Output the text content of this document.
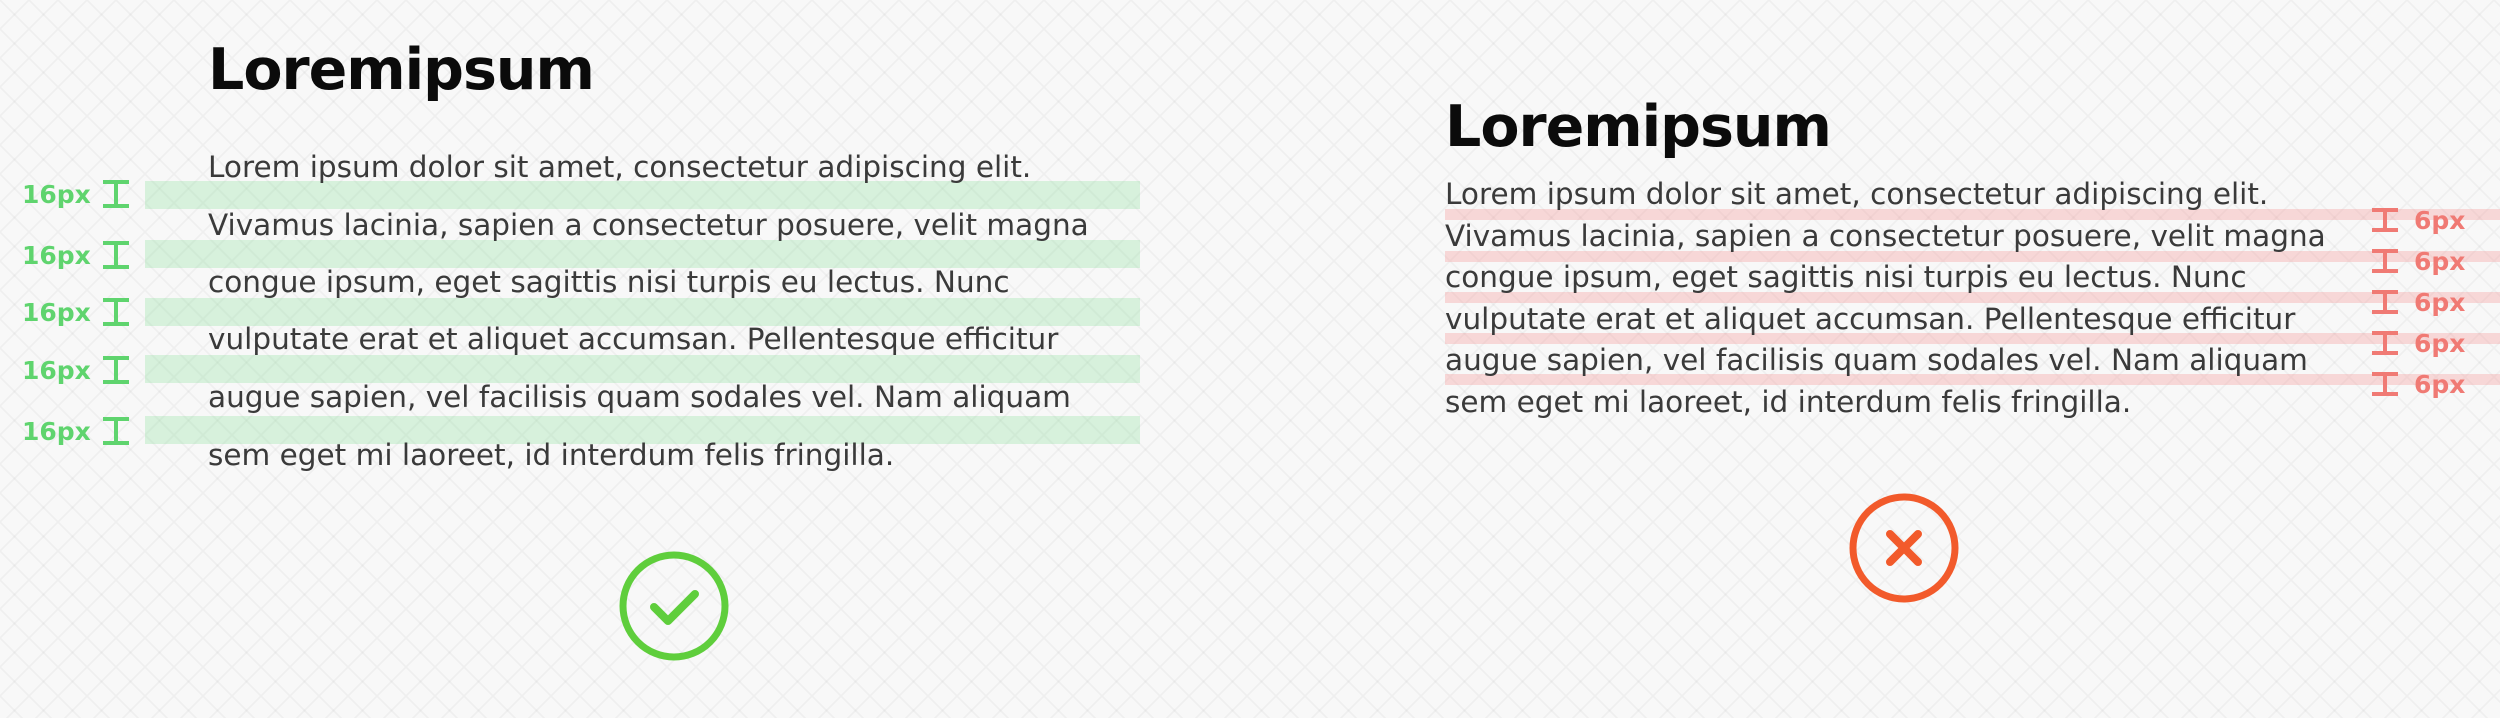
Loremipsum
Lorem ipsum dolor sit amet, consectetur adipiscing elit.
Vivamus lacinia, sapien a consectetur posuere, velit magna
congue ipsum, eget sagittis nisi turpis eu lectus. Nunc
vulputate erat et aliquet accumsan. Pellentesque efficitur
augue sapien, vel facilisis quam sodales vel. Nam aliquam
sem eget mi laoreet, id interdum felis fringilla.
16px
16px
16px
16px
16px
Loremipsum
Lorem ipsum dolor sit amet, consectetur adipiscing elit.
Vivamus lacinia, sapien a consectetur posuere, velit magna
congue ipsum, eget sagittis nisi turpis eu lectus. Nunc
vulputate erat et aliquet accumsan. Pellentesque efficitur
augue sapien, vel facilisis quam sodales vel. Nam aliquam
sem eget mi laoreet, id interdum felis fringilla.
6px
6px
6px
6px
6px
